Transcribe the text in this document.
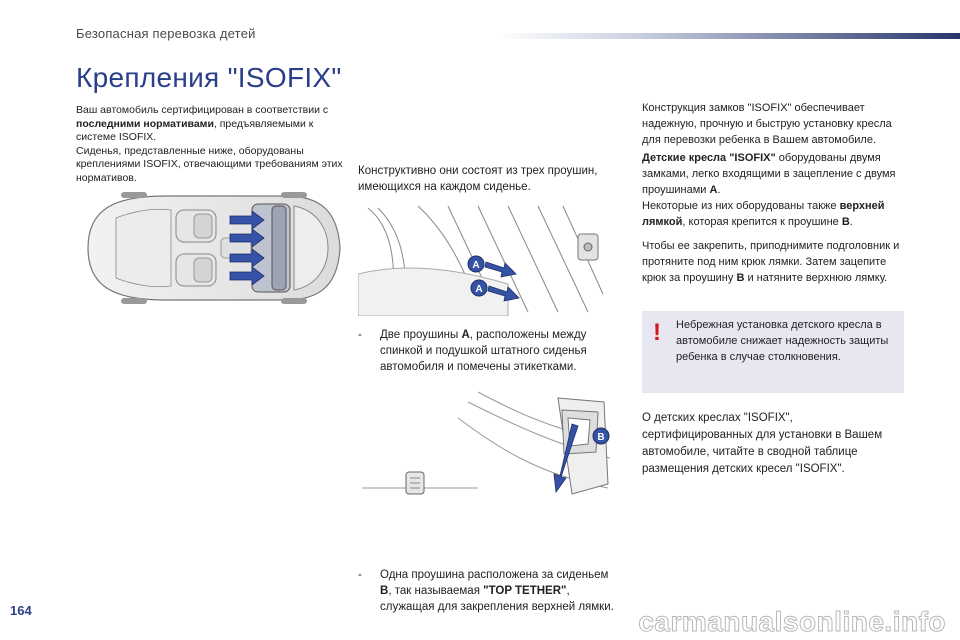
Безопасная перевозка детей
Крепления "ISOFIX"

Ваш автомобиль сертифицирован в соответствии с последними нормативами, предъявляемыми к системе ISOFIX.

Сиденья, представленные ниже, оборудованы креплениями ISOFIX, отвечающими требованиям этих нормативов.

Конструктивно они состоят из трех проушин, имеющихся на каждом сиденье.
A
A
- Две проушины A, расположены между спинкой и подушкой штатного сиденья автомобиля и помечены этикетками.
B
- Одна проушина расположена за сиденьем B, так называемая "TOP TETHER", служащая для закрепления верхней лямки.
Конструкция замков "ISOFIX" обеспечивает надежную, прочную и быструю установку кресла для перевозки ребенка в Вашем автомобиле.
Детские кресла "ISOFIX" оборудованы двумя замками, легко входящими в зацепление с двумя проушинами A.
Некоторые из них оборудованы также верхней лямкой, которая крепится к проушине B.
Чтобы ее закрепить, приподнимите подголовник и протяните под ним крюк лямки. Затем зацепите крюк за проушину B и натяните верхнюю лямку.
! Небрежная установка детского кресла в автомобиле снижает надежность защиты ребенка в случае столкновения.
О детских креслах "ISOFIX", сертифицированных для установки в Вашем автомобиле, читайте в сводной таблице размещения детских кресел "ISOFIX".
164	carmanualsonline.info
